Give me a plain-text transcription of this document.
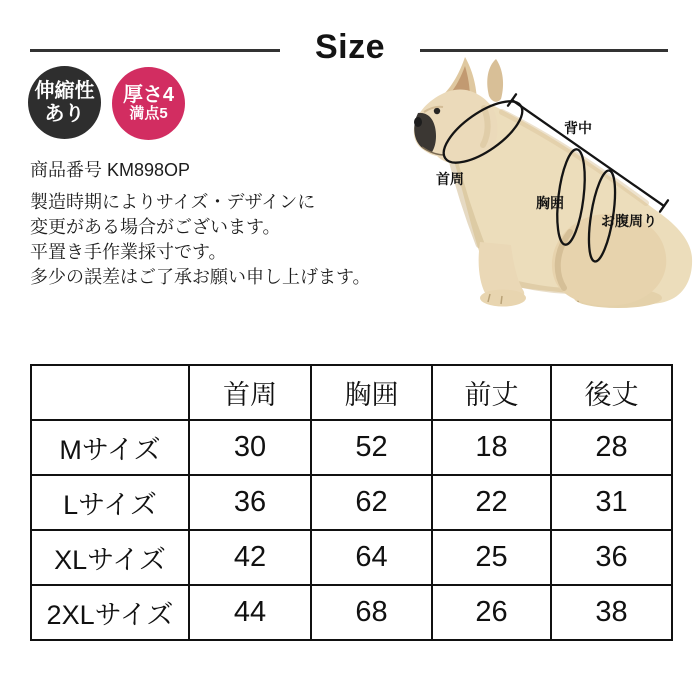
Size
伸縮性
あり
厚さ4
満点5
商品番号 KM898OP
製造時期によりサイズ・デザインに
変更がある場合がございます。
平置き手作業採寸です。
多少の誤差はご了承お願い申し上げます。
首周
背中
胸囲
お腹周り
	首周	胸囲	前丈	後丈
Mサイズ	30	52	18	28
Lサイズ	36	62	22	31
XLサイズ	42	64	25	36
2XLサイズ	44	68	26	38
